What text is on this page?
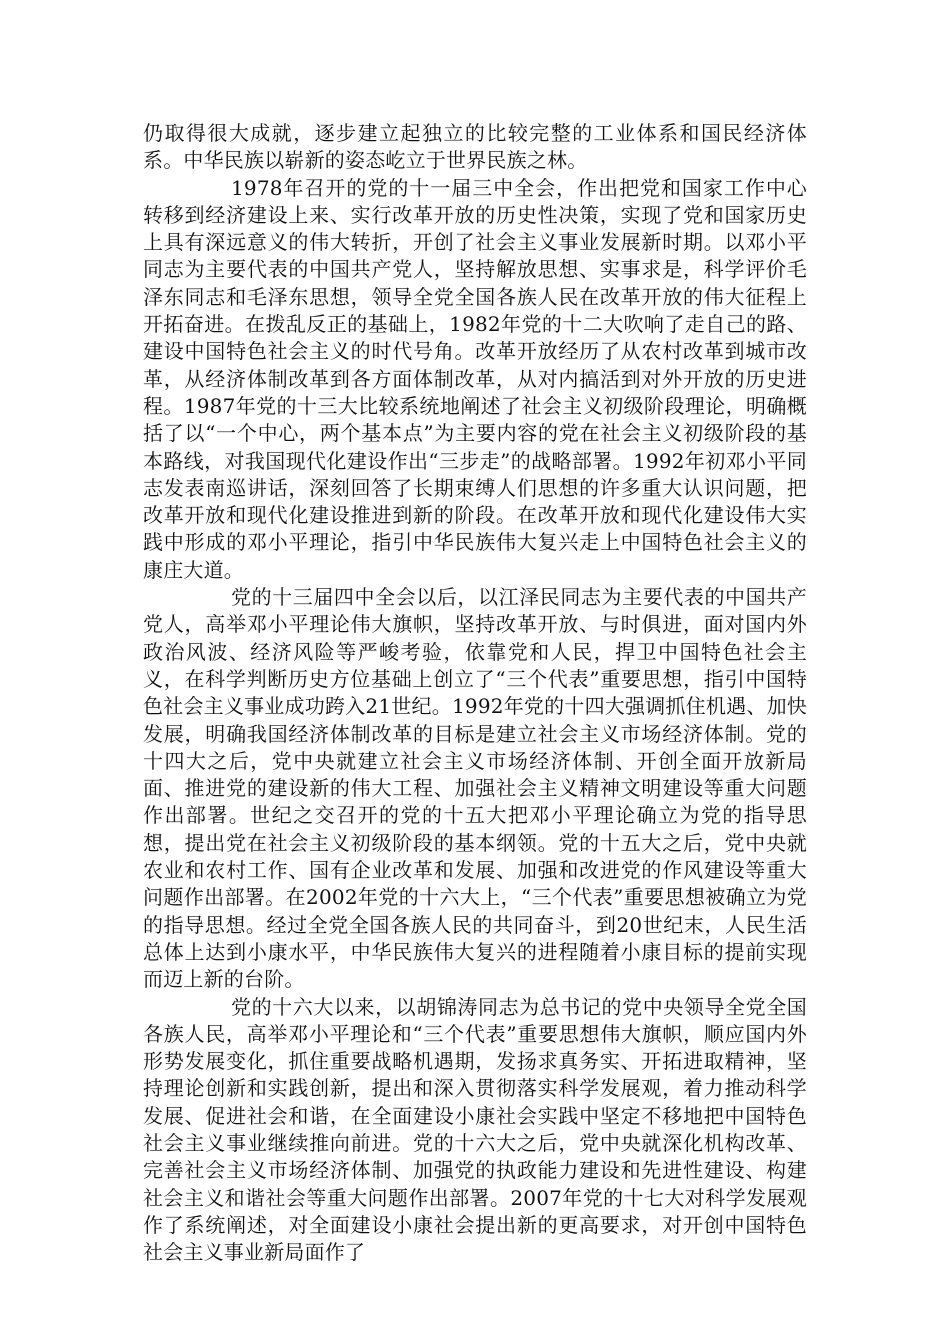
仍取得很大成就，逐步建立起独立的比较完整的工业体系和国民经济体系。中华民族以崭新的姿态屹立于世界民族之林。

1978年召开的党的十一届三中全会，作出把党和国家工作中心转移到经济建设上来、实行改革开放的历史性决策，实现了党和国家历史上具有深远意义的伟大转折，开创了社会主义事业发展新时期。以邓小平同志为主要代表的中国共产党人，坚持解放思想、实事求是，科学评价毛泽东同志和毛泽东思想，领导全党全国各族人民在改革开放的伟大征程上开拓奋进。在拨乱反正的基础上，1982年党的十二大吹响了走自己的路、建设中国特色社会主义的时代号角。改革开放经历了从农村改革到城市改革，从经济体制改革到各方面体制改革，从对内搞活到对外开放的历史进程。1987年党的十三大比较系统地阐述了社会主义初级阶段理论，明确概括了以“一个中心，两个基本点”为主要内容的党在社会主义初级阶段的基本路线，对我国现代化建设作出“三步走”的战略部署。1992年初邓小平同志发表南巡讲话，深刻回答了长期束缚人们思想的许多重大认识问题，把改革开放和现代化建设推进到新的阶段。在改革开放和现代化建设伟大实践中形成的邓小平理论，指引中华民族伟大复兴走上中国特色社会主义的康庄大道。

党的十三届四中全会以后，以江泽民同志为主要代表的中国共产党人，高举邓小平理论伟大旗帜，坚持改革开放、与时俱进，面对国内外政治风波、经济风险等严峻考验，依靠党和人民，捍卫中国特色社会主义，在科学判断历史方位基础上创立了“三个代表”重要思想，指引中国特色社会主义事业成功跨入21世纪。1992年党的十四大强调抓住机遇、加快发展，明确我国经济体制改革的目标是建立社会主义市场经济体制。党的十四大之后，党中央就建立社会主义市场经济体制、开创全面开放新局面、推进党的建设新的伟大工程、加强社会主义精神文明建设等重大问题作出部署。世纪之交召开的党的十五大把邓小平理论确立为党的指导思想，提出党在社会主义初级阶段的基本纲领。党的十五大之后，党中央就农业和农村工作、国有企业改革和发展、加强和改进党的作风建设等重大问题作出部署。在2002年党的十六大上，“三个代表”重要思想被确立为党的指导思想。经过全党全国各族人民的共同奋斗，到20世纪末，人民生活总体上达到小康水平，中华民族伟大复兴的进程随着小康目标的提前实现而迈上新的台阶。

党的十六大以来，以胡锦涛同志为总书记的党中央领导全党全国各族人民，高举邓小平理论和“三个代表”重要思想伟大旗帜，顺应国内外形势发展变化，抓住重要战略机遇期，发扬求真务实、开拓进取精神，坚持理论创新和实践创新，提出和深入贯彻落实科学发展观，着力推动科学发展、促进社会和谐，在全面建设小康社会实践中坚定不移地把中国特色社会主义事业继续推向前进。党的十六大之后，党中央就深化机构改革、完善社会主义市场经济体制、加强党的执政能力建设和先进性建设、构建社会主义和谐社会等重大问题作出部署。2007年党的十七大对科学发展观作了系统阐述，对全面建设小康社会提出新的更高要求，对开创中国特色社会主义事业新局面作了
